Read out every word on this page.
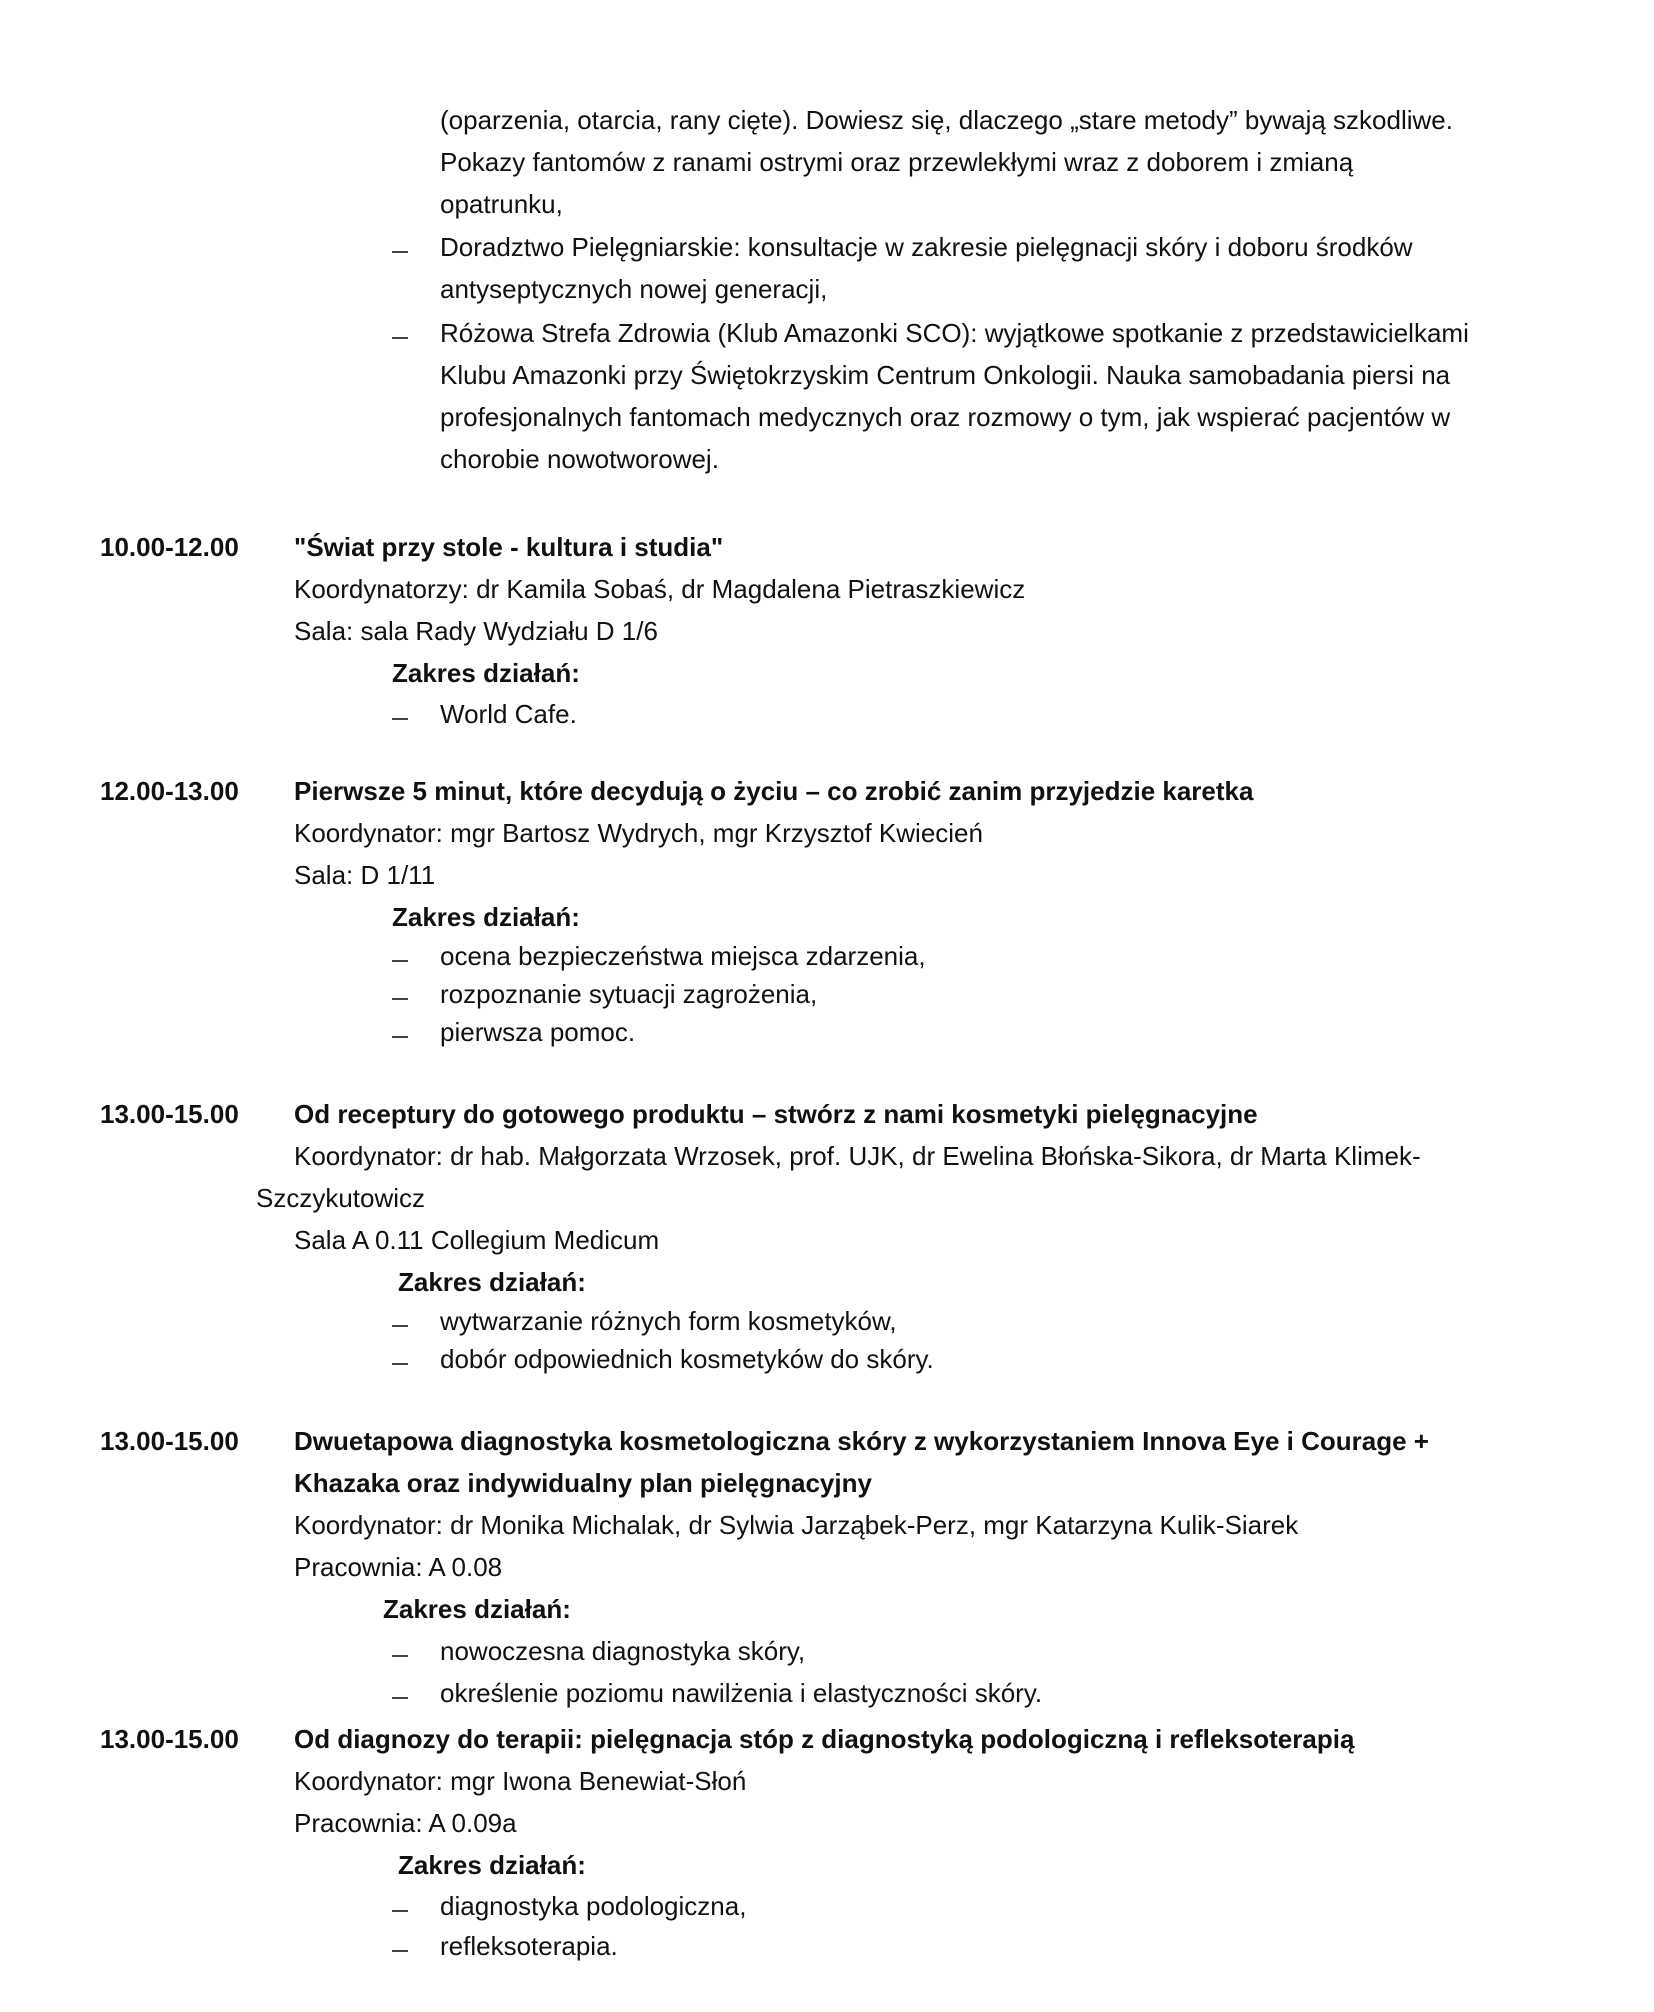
(oparzenia, otarcia, rany cięte). Dowiesz się, dlaczego „stare metody” bywają szkodliwe.
Pokazy fantomów z ranami ostrymi oraz przewlekłymi wraz z doborem i zmianą
opatrunku,
Doradztwo Pielęgniarskie: konsultacje w zakresie pielęgnacji skóry i doboru środków
antyseptycznych nowej generacji,
Różowa Strefa Zdrowia (Klub Amazonki SCO): wyjątkowe spotkanie z przedstawicielkami
Klubu Amazonki przy Świętokrzyskim Centrum Onkologii. Nauka samobadania piersi na
profesjonalnych fantomach medycznych oraz rozmowy o tym, jak wspierać pacjentów w
chorobie nowotworowej.
10.00-12.00 "Świat przy stole - kultura i studia"
Koordynatorzy: dr Kamila Sobaś, dr Magdalena Pietraszkiewicz
Sala: sala Rady Wydziału D 1/6
Zakres działań:
World Cafe.
12.00-13.00 Pierwsze 5 minut, które decydują o życiu – co zrobić zanim przyjedzie karetka
Koordynator: mgr Bartosz Wydrych, mgr Krzysztof Kwiecień
Sala: D 1/11
Zakres działań:
ocena bezpieczeństwa miejsca zdarzenia,
rozpoznanie sytuacji zagrożenia,
pierwsza pomoc.
13.00-15.00 Od receptury do gotowego produktu – stwórz z nami kosmetyki pielęgnacyjne
Koordynator: dr hab. Małgorzata Wrzosek, prof. UJK, dr Ewelina Błońska-Sikora, dr Marta Klimek-
Szczykutowicz
Sala A 0.11 Collegium Medicum
Zakres działań:
wytwarzanie różnych form kosmetyków,
dobór odpowiednich kosmetyków do skóry.
13.00-15.00 Dwuetapowa diagnostyka kosmetologiczna skóry z wykorzystaniem Innova Eye i Courage +
Khazaka oraz indywidualny plan pielęgnacyjny
Koordynator: dr Monika Michalak, dr Sylwia Jarząbek-Perz, mgr Katarzyna Kulik-Siarek
Pracownia: A 0.08
Zakres działań:
nowoczesna diagnostyka skóry,
określenie poziomu nawilżenia i elastyczności skóry.
13.00-15.00 Od diagnozy do terapii: pielęgnacja stóp z diagnostyką podologiczną i refleksoterapią
Koordynator: mgr Iwona Benewiat-Słoń
Pracownia: A 0.09a
Zakres działań:
diagnostyka podologiczna,
refleksoterapia.
